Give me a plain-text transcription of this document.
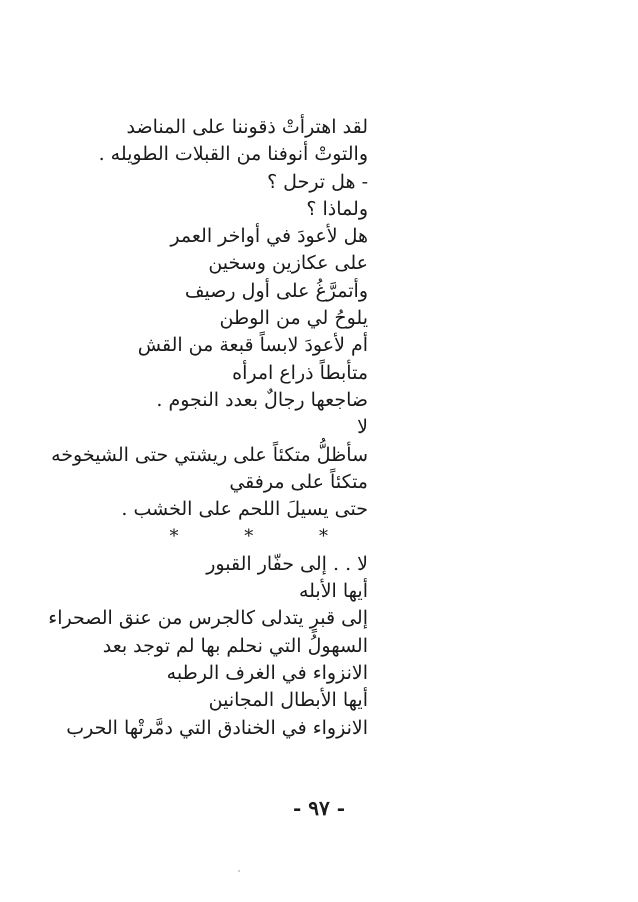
لقد اهترأتْ ذقوننا على المناضد
والتوتْ أنوفنا من القبلات الطويله .
- هل ترحل ؟
ولماذا ؟
هل لأعودَ في أواخر العمر
على عكازين وسخين
وأتمرَّغُ على أول رصيف
يلوحُ لي من الوطن
أم لأعودَ لابساً قبعة من القش
متأبطاً ذراع امرأه
ضاجعها رجالٌ بعدد النجوم .
لا
سأظلُّ متكئاً على ريشتي حتى الشيخوخه
متكئاً على مرفقي
حتى يسيلَ اللحم على الخشب .
* * *
لا . . إلى حفّار القبور
أيها الأبله
إلى قبرٍ يتدلى كالجرس من عنق الصحراء
السهولُ التي نحلم بها لم توجد بعد
الانزواء في الغرف الرطبه
أيها الأبطال المجانين
الانزواء في الخنادق التي دمَّرتْها الحرب
- ٩٧ -
